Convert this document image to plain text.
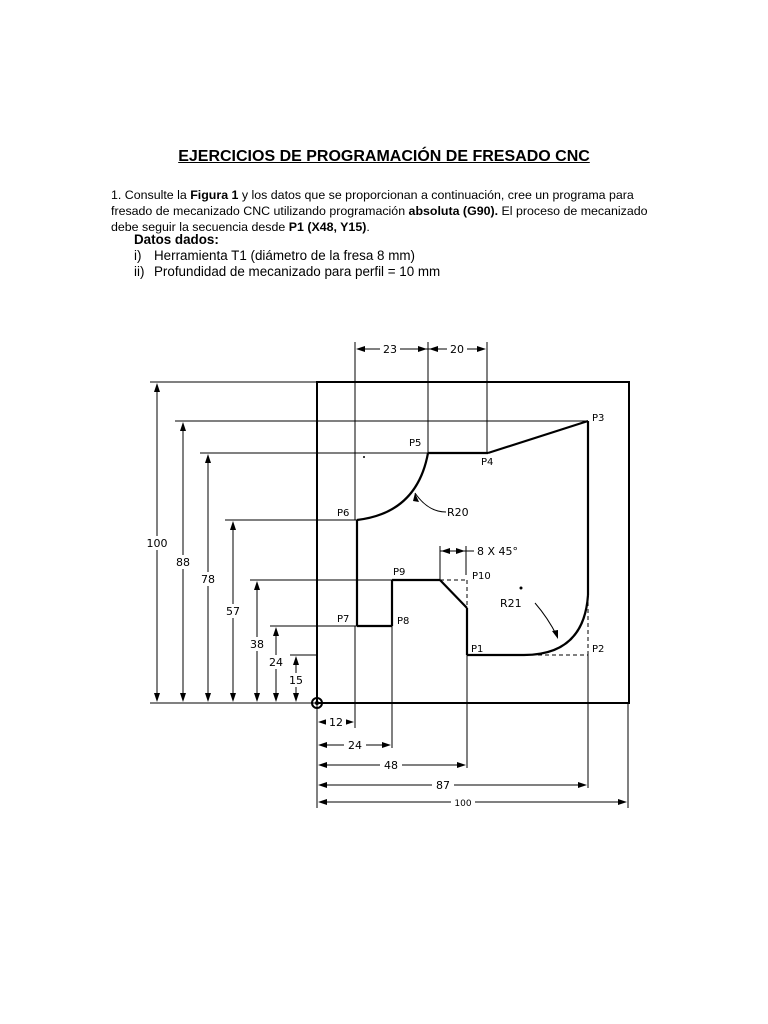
EJERCICIOS DE PROGRAMACIÓN DE FRESADO CNC
1. Consulte la Figura 1 y los datos que se proporcionan a continuación, cree un programa para fresado de mecanizado CNC utilizando programación absoluta (G90). El proceso de mecanizado debe seguir la secuencia desde P1 (X48, Y15).
Datos dados:
i) Herramienta T1 (diámetro de la fresa 8 mm)
ii) Profundidad de mecanizado para perfil = 10 mm
100
88
78
57
38
24
15
23	20
12
24
48
87
100
8 X 45°
R20
R21
P1	P2
P3
P4
P5
P6
P7	P8
P9	P10
